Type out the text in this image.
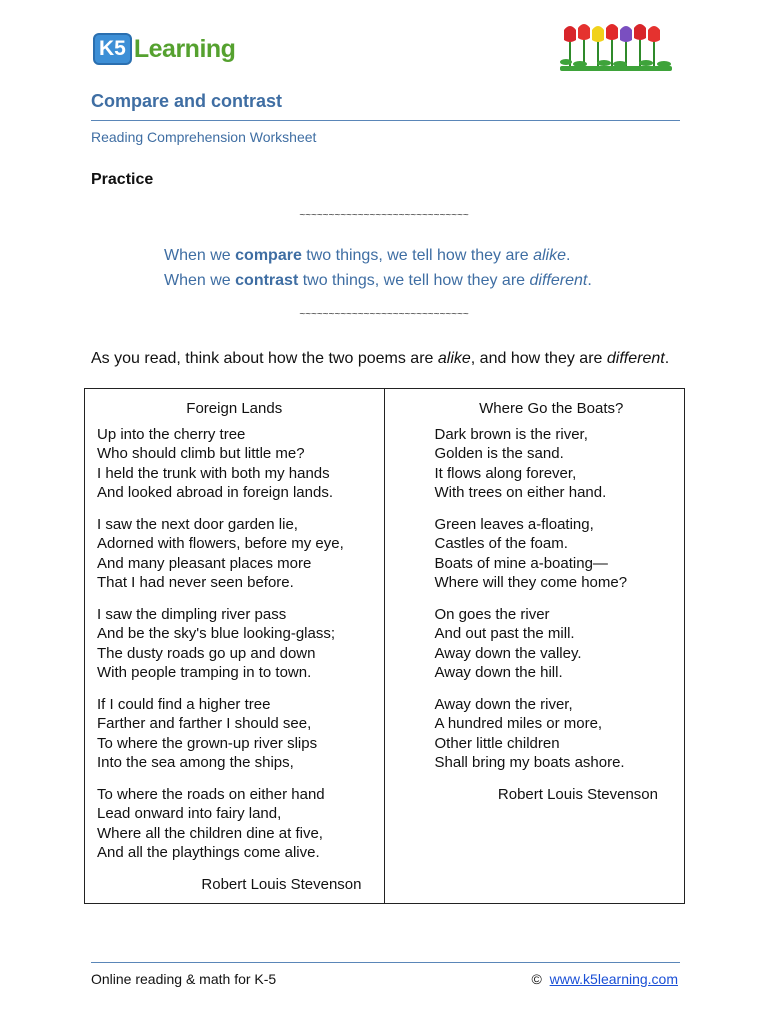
K5 Learning
Compare and contrast
Reading Comprehension Worksheet
Practice
~~~~~~~~~~~~~~~~~~~~~~~~~~~~~
When we compare two things, we tell how they are alike.
When we contrast two things, we tell how they are different.
~~~~~~~~~~~~~~~~~~~~~~~~~~~~~
As you read, think about how the two poems are alike, and how they are different.
Foreign Lands
Up into the cherry tree
Who should climb but little me?
I held the trunk with both my hands
And looked abroad in foreign lands.
I saw the next door garden lie,
Adorned with flowers, before my eye,
And many pleasant places more
That I had never seen before.
I saw the dimpling river pass
And be the sky's blue looking-glass;
The dusty roads go up and down
With people tramping in to town.
If I could find a higher tree
Farther and farther I should see,
To where the grown-up river slips
Into the sea among the ships,
To where the roads on either hand
Lead onward into fairy land,
Where all the children dine at five,
And all the playthings come alive.
Robert Louis Stevenson
Where Go the Boats?
Dark brown is the river,
Golden is the sand.
It flows along forever,
With trees on either hand.
Green leaves a-floating,
Castles of the foam.
Boats of mine a-boating—
Where will they come home?
On goes the river
And out past the mill.
Away down the valley.
Away down the hill.
Away down the river,
A hundred miles or more,
Other little children
Shall bring my boats ashore.
Robert Louis Stevenson
Online reading & math for K-5	© www.k5learning.com
